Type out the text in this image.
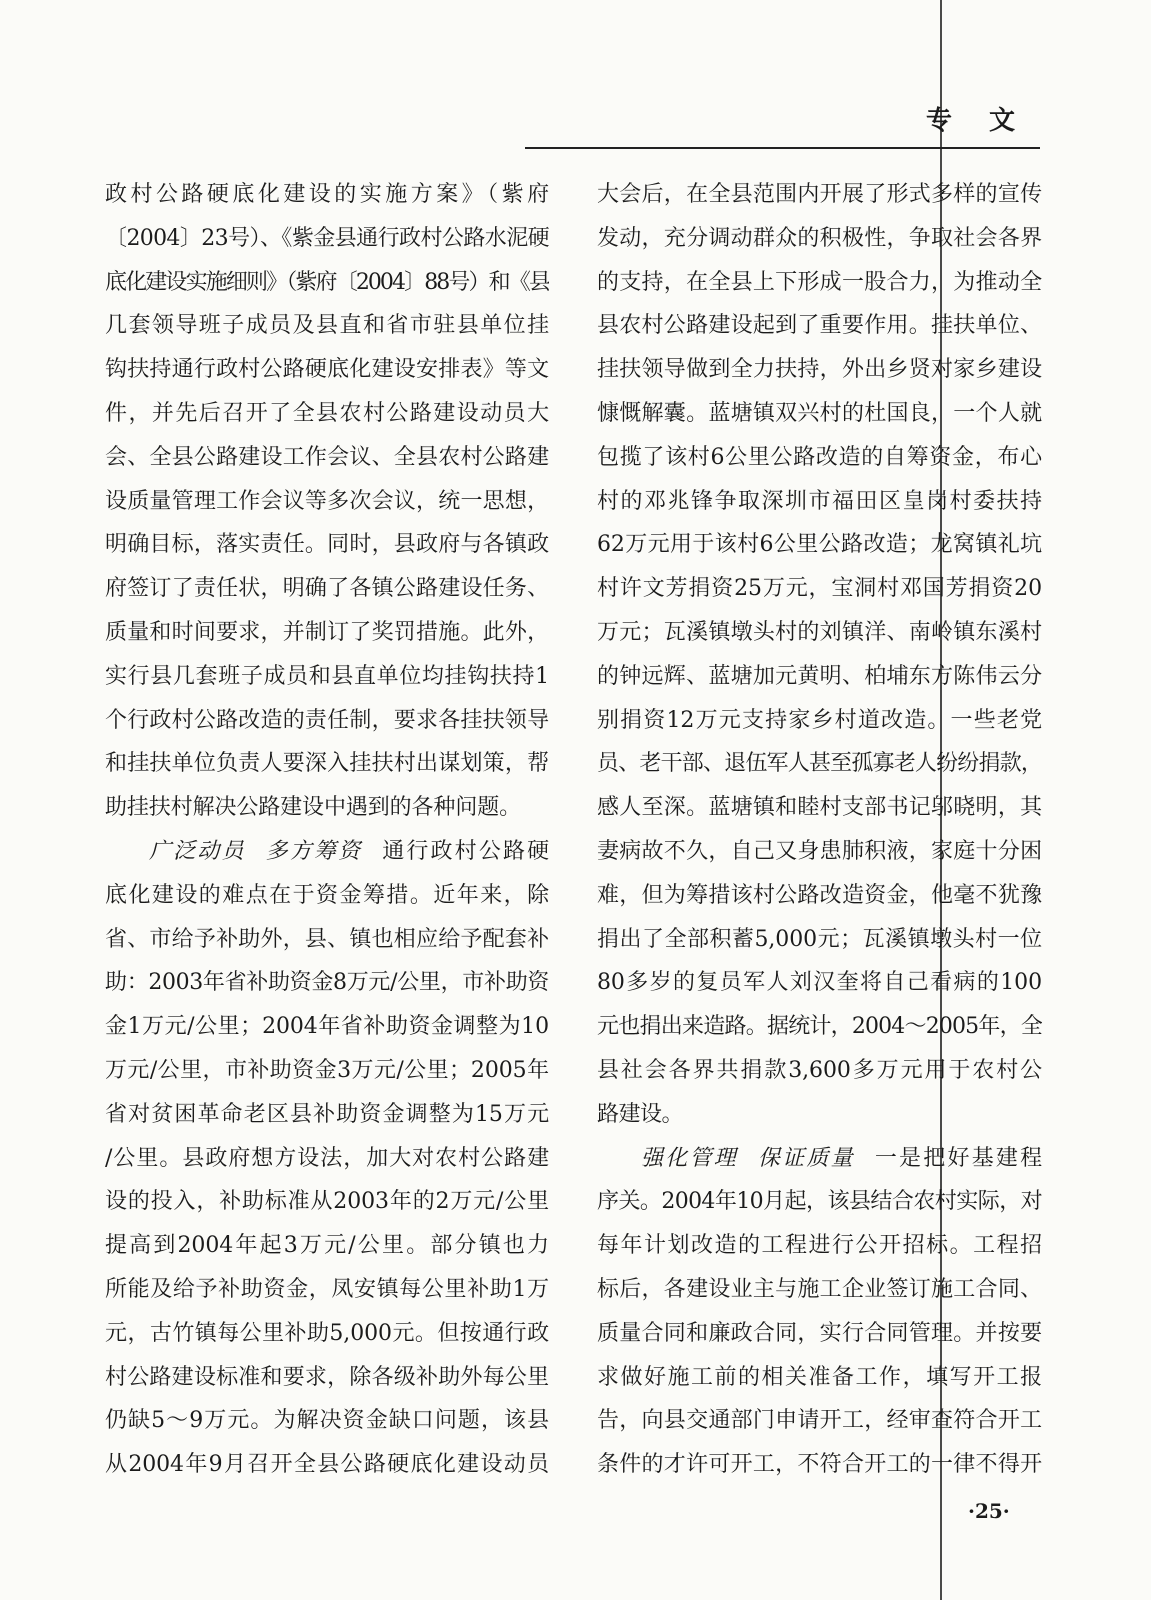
专文
政村公路硬底化建设的实施方案》（紫府
〔2004〕23号）、《紫金县通行政村公路水泥硬
底化建设实施细则》（紫府〔2004〕88号）和《县
几套领导班子成员及县直和省市驻县单位挂
钩扶持通行政村公路硬底化建设安排表》等文
件，并先后召开了全县农村公路建设动员大
会、全县公路建设工作会议、全县农村公路建
设质量管理工作会议等多次会议，统一思想，
明确目标，落实责任。同时，县政府与各镇政
府签订了责任状，明确了各镇公路建设任务、
质量和时间要求，并制订了奖罚措施。此外，
实行县几套班子成员和县直单位均挂钩扶持1
个行政村公路改造的责任制，要求各挂扶领导
和挂扶单位负责人要深入挂扶村出谋划策，帮
助挂扶村解决公路建设中遇到的各种问题。
广泛动员 多方筹资 通行政村公路硬
底化建设的难点在于资金筹措。近年来，除
省、市给予补助外，县、镇也相应给予配套补
助：2003年省补助资金8万元/公里，市补助资
金1万元/公里；2004年省补助资金调整为10
万元/公里，市补助资金3万元/公里；2005年
省对贫困革命老区县补助资金调整为15万元
/公里。县政府想方设法，加大对农村公路建
设的投入，补助标准从2003年的2万元/公里
提高到2004年起3万元/公里。部分镇也力
所能及给予补助资金，凤安镇每公里补助1万
元，古竹镇每公里补助5,000元。但按通行政
村公路建设标准和要求，除各级补助外每公里
仍缺5～9万元。为解决资金缺口问题，该县
从2004年9月召开全县公路硬底化建设动员
大会后，在全县范围内开展了形式多样的宣传
发动，充分调动群众的积极性，争取社会各界
的支持，在全县上下形成一股合力，为推动全
县农村公路建设起到了重要作用。挂扶单位、
挂扶领导做到全力扶持，外出乡贤对家乡建设
慷慨解囊。蓝塘镇双兴村的杜国良，一个人就
包揽了该村6公里公路改造的自筹资金，布心
村的邓兆锋争取深圳市福田区皇岗村委扶持
62万元用于该村6公里公路改造；龙窝镇礼坑
村许文芳捐资25万元，宝洞村邓国芳捐资20
万元；瓦溪镇墩头村的刘镇洋、南岭镇东溪村
的钟远辉、蓝塘加元黄明、柏埔东方陈伟云分
别捐资12万元支持家乡村道改造。一些老党
员、老干部、退伍军人甚至孤寡老人纷纷捐款，
感人至深。蓝塘镇和睦村支部书记邬晓明，其
妻病故不久，自己又身患肺积液，家庭十分困
难，但为筹措该村公路改造资金，他毫不犹豫
捐出了全部积蓄5,000元；瓦溪镇墩头村一位
80多岁的复员军人刘汉奎将自己看病的100
元也捐出来造路。据统计，2004～2005年，全
县社会各界共捐款3,600多万元用于农村公
路建设。
强化管理 保证质量 一是把好基建程
序关。2004年10月起，该县结合农村实际，对
每年计划改造的工程进行公开招标。工程招
标后，各建设业主与施工企业签订施工合同、
质量合同和廉政合同，实行合同管理。并按要
求做好施工前的相关准备工作，填写开工报
告，向县交通部门申请开工，经审查符合开工
条件的才许可开工，不符合开工的一律不得开
·25·
